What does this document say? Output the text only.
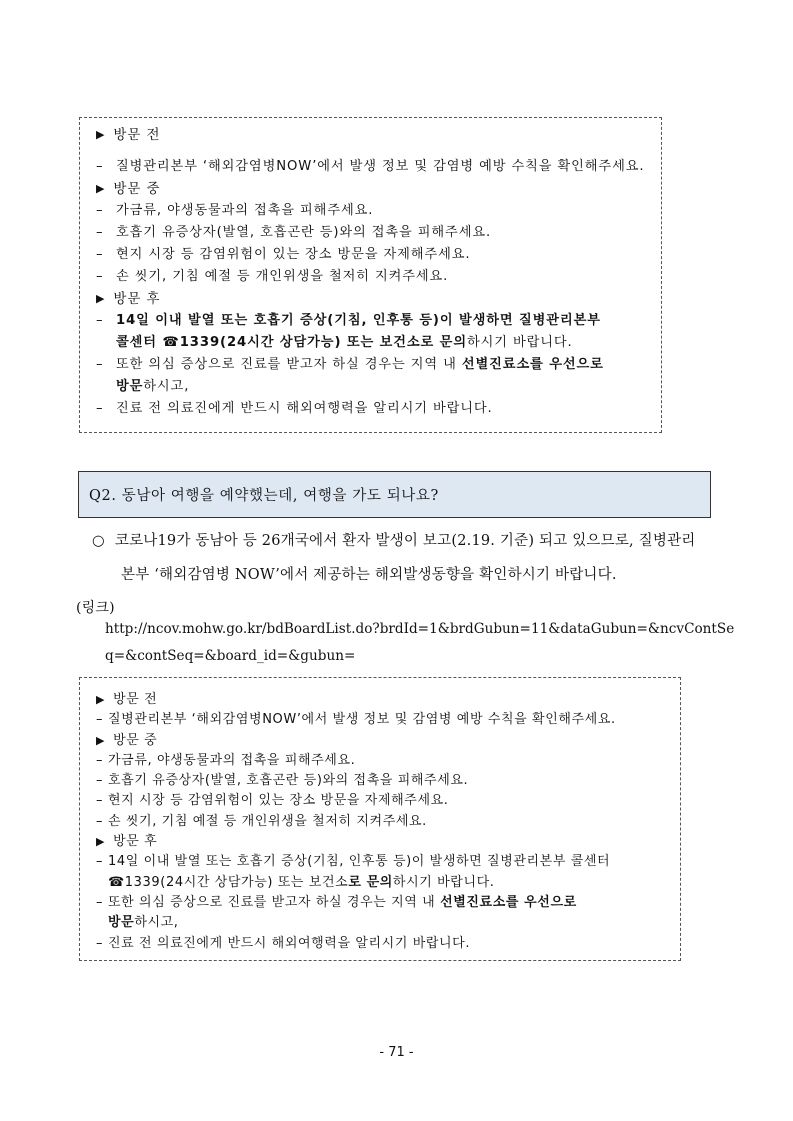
▶ 방문 전
– 질병관리본부 ‘해외감염병NOW’에서 발생 정보 및 감염병 예방 수칙을 확인해주세요.
▶ 방문 중
– 가금류, 야생동물과의 접촉을 피해주세요.
– 호흡기 유증상자(발열, 호흡곤란 등)와의 접촉을 피해주세요.
– 현지 시장 등 감염위험이 있는 장소 방문을 자제해주세요.
– 손 씻기, 기침 예절 등 개인위생을 철저히 지켜주세요.
▶ 방문 후
– 14일 이내 발열 또는 호흡기 증상(기침, 인후통 등)이 발생하면 질병관리본부
콜센터 ☎1339(24시간 상담가능) 또는 보건소로 문의하시기 바랍니다.
– 또한 의심 증상으로 진료를 받고자 하실 경우는 지역 내 선별진료소를 우선으로
방문하시고,
– 진료 전 의료진에게 반드시 해외여행력을 알리시기 바랍니다.
Q2. 동남아 여행을 예약했는데, 여행을 가도 되나요?
○ 코로나19가 동남아 등 26개국에서 환자 발생이 보고(2.19. 기준) 되고 있으므로, 질병관리
본부 ‘해외감염병 NOW’에서 제공하는 해외발생동향을 확인하시기 바랍니다.
(링크)
http://ncov.mohw.go.kr/bdBoardList.do?brdId=1&brdGubun=11&dataGubun=&ncvContSe
q=&contSeq=&board_id=&gubun=
▶ 방문 전
– 질병관리본부 ‘해외감염병NOW’에서 발생 정보 및 감염병 예방 수칙을 확인해주세요.
▶ 방문 중
– 가금류, 야생동물과의 접촉을 피해주세요.
– 호흡기 유증상자(발열, 호흡곤란 등)와의 접촉을 피해주세요.
– 현지 시장 등 감염위험이 있는 장소 방문을 자제해주세요.
– 손 씻기, 기침 예절 등 개인위생을 철저히 지켜주세요.
▶ 방문 후
– 14일 이내 발열 또는 호흡기 증상(기침, 인후통 등)이 발생하면 질병관리본부 콜센터
☎1339(24시간 상담가능) 또는 보건소로 문의하시기 바랍니다.
– 또한 의심 증상으로 진료를 받고자 하실 경우는 지역 내 선별진료소를 우선으로
방문하시고,
– 진료 전 의료진에게 반드시 해외여행력을 알리시기 바랍니다.
- 71 -
